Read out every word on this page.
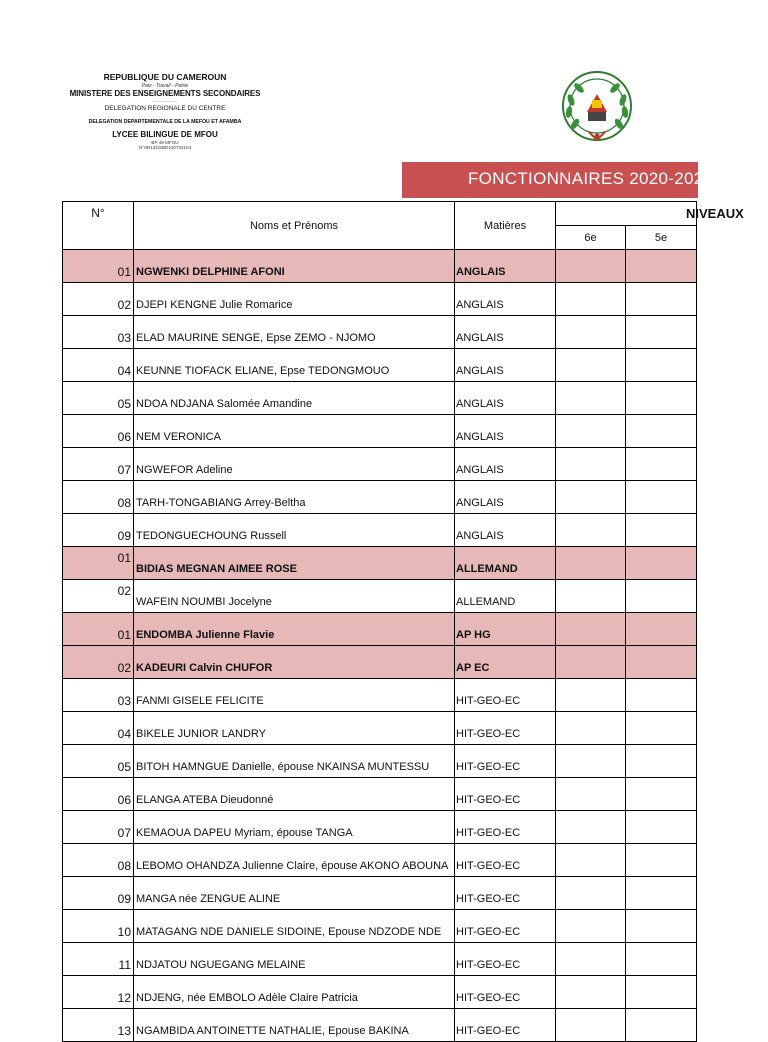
REPUBLIQUE DU CAMEROUN
Paix - Travail - Patrie
MINISTERE DES ENSEIGNEMENTS SECONDAIRES
------------------
DELEGATION REGIONALE DU CENTRE
DELEGATION DEPARTEMENTALE DE LA MEFOU ET AFAMBA
LYCEE BILINGUE DE MFOU
BP 49 MFOU
N°SR13GSBD110733104
FONCTIONNAIRES 2020-2021
N°	Noms et Prénoms	Matières	NIVEAUX	
			6e	5e
01	NGWENKI DELPHINE AFONI	ANGLAIS		
02	DJEPI KENGNE Julie Romarice	ANGLAIS		
03	ELAD MAURINE SENGE, Epse ZEMO - NJOMO	ANGLAIS		
04	KEUNNE TIOFACK ELIANE, Epse TEDONGMOUO	ANGLAIS		
05	NDOA NDJANA Salomée Amandine	ANGLAIS		
06	NEM VERONICA	ANGLAIS		
07	NGWEFOR Adeline	ANGLAIS		
08	TARH-TONGABIANG Arrey-Beltha	ANGLAIS		
09	TEDONGUECHOUNG Russell	ANGLAIS		
01	BIDIAS MEGNAN AIMEE ROSE	ALLEMAND		
02	WAFEIN NOUMBI Jocelyne	ALLEMAND		
01	ENDOMBA Julienne Flavie	AP HG		
02	KADEURI Calvin CHUFOR	AP EC		
03	FANMI GISELE FELICITE	HIT-GEO-EC		
04	BIKELE JUNIOR LANDRY	HIT-GEO-EC		
05	BITOH HAMNGUE Danielle, épouse NKAINSA MUNTESSU	HIT-GEO-EC		
06	ELANGA ATEBA Dieudonné	HIT-GEO-EC		
07	KEMAOUA DAPEU Myriam, épouse TANGA	HIT-GEO-EC		
08	LEBOMO OHANDZA Julienne Claire, épouse AKONO ABOUNA	HIT-GEO-EC		
09	MANGA née ZENGUE ALINE	HIT-GEO-EC		
10	MATAGANG NDE DANIELE SIDOINE, Epouse NDZODE NDE	HIT-GEO-EC		
11	NDJATOU NGUEGANG MELAINE	HIT-GEO-EC		
12	NDJENG, née EMBOLO Adèle Claire Patricia	HIT-GEO-EC		
13	NGAMBIDA ANTOINETTE NATHALIE, Epouse BAKINA	HIT-GEO-EC		
